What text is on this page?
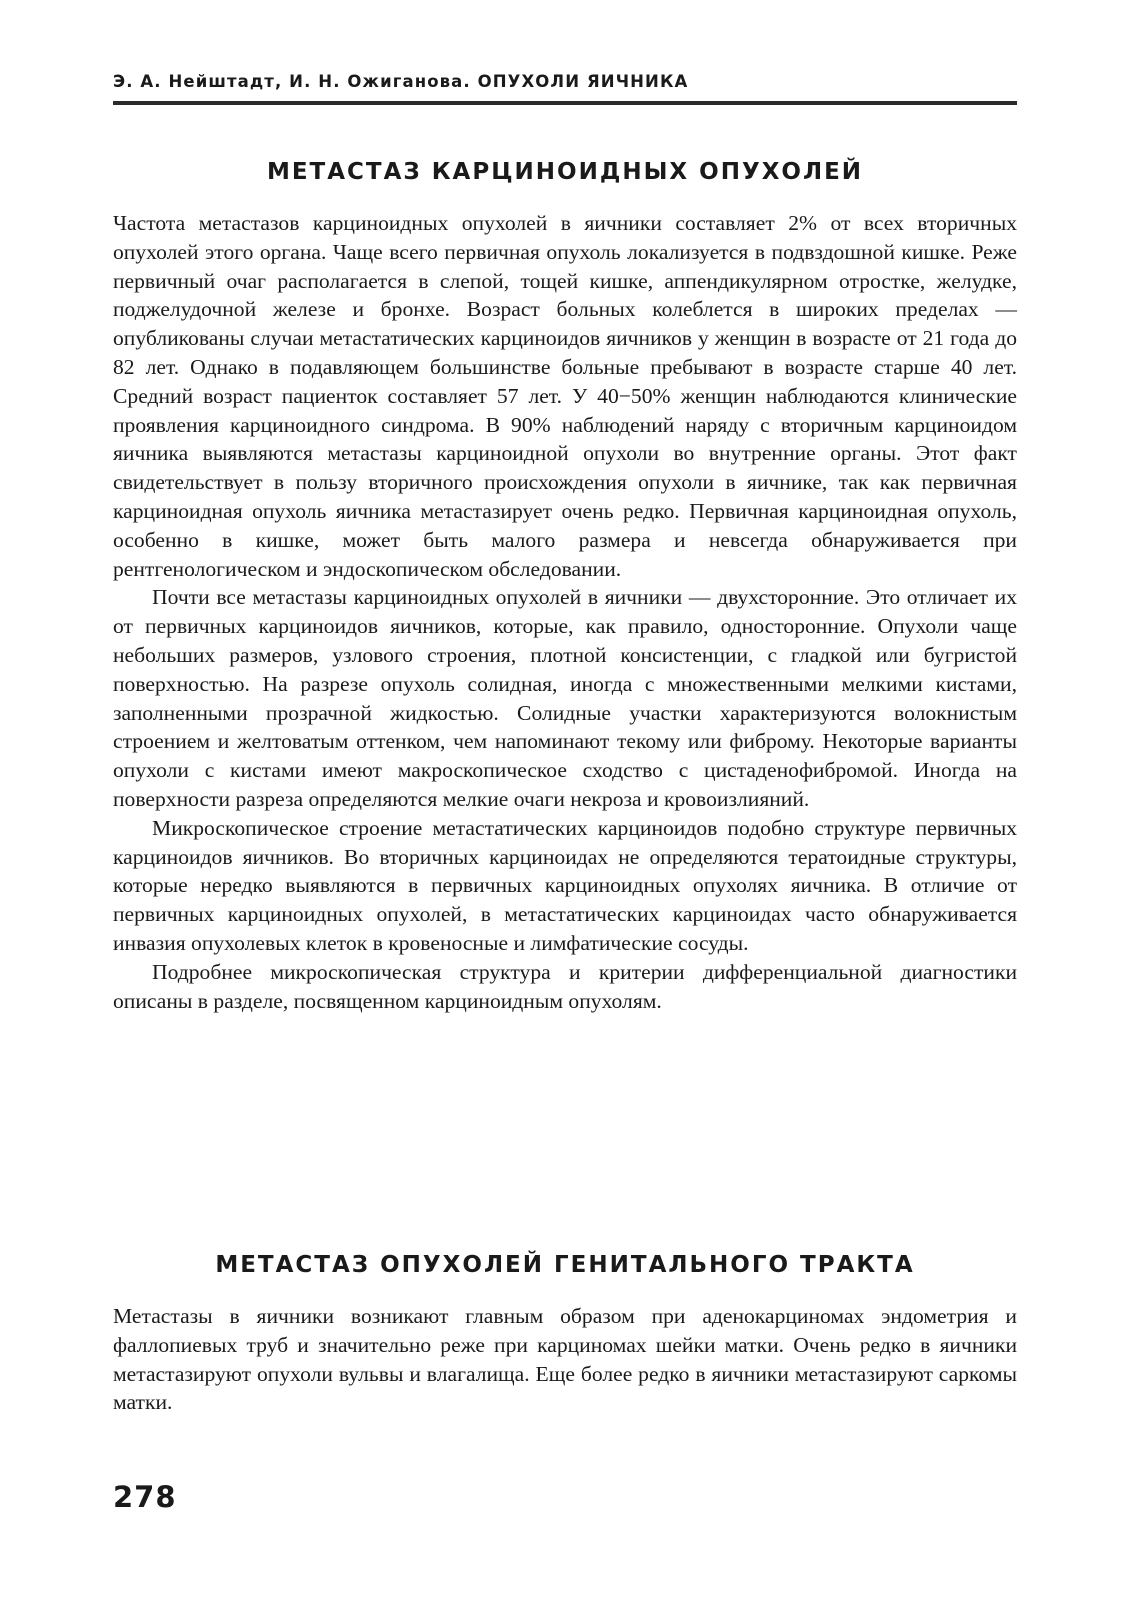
Э. А. Нейштадт, И. Н. Ожиганова. ОПУХОЛИ ЯИЧНИКА
МЕТАСТАЗ КАРЦИНОИДНЫХ ОПУХОЛЕЙ

Частота метастазов карциноидных опухолей в яичники составляет 2% от всех вторичных опухолей этого органа. Чаще всего первичная опухоль локализуется в подвздошной кишке. Реже первичный очаг располагается в слепой, тощей кишке, аппендикулярном отростке, желудке, поджелудочной железе и бронхе. Возраст больных колеблется в широких пределах — опубликованы случаи метастатических карциноидов яичников у женщин в возрасте от 21 года до 82 лет. Однако в подавляющем большинстве больные пребывают в возрасте старше 40 лет. Средний возраст пациенток составляет 57 лет. У 40−50% женщин наблюдаются клинические проявления карциноидного синдрома. В 90% наблюдений наряду с вторичным карциноидом яичника выявляются метастазы карциноидной опухоли во внутренние органы. Этот факт свидетельствует в пользу вторичного происхождения опухоли в яичнике, так как первичная карциноидная опухоль яичника метастазирует очень редко. Первичная карциноидная опухоль, особенно в кишке, может быть малого размера и невсегда обнаруживается при рентгенологическом и эндоскопическом обследовании.

Почти все метастазы карциноидных опухолей в яичники — двухсторонние. Это отличает их от первичных карциноидов яичников, которые, как правило, односторонние. Опухоли чаще небольших размеров, узлового строения, плотной консистенции, с гладкой или бугристой поверхностью. На разрезе опухоль солидная, иногда с множественными мелкими кистами, заполненными прозрачной жидкостью. Солидные участки характеризуются волокнистым строением и желтоватым оттенком, чем напоминают текому или фиброму. Некоторые варианты опухоли с кистами имеют макроскопическое сходство с цистаденофибромой. Иногда на поверхности разреза определяются мелкие очаги некроза и кровоизлияний.

Микроскопическое строение метастатических карциноидов подобно структуре первичных карциноидов яичников. Во вторичных карциноидах не определяются тератоидные структуры, которые нередко выявляются в первичных карциноидных опухолях яичника. В отличие от первичных карциноидных опухолей, в метастатических карциноидах часто обнаруживается инвазия опухолевых клеток в кровеносные и лимфатические сосуды.

Подробнее микроскопическая структура и критерии дифференциальной диагностики описаны в разделе, посвященном карциноидным опухолям.

МЕТАСТАЗ ОПУХОЛЕЙ ГЕНИТАЛЬНОГО ТРАКТА

Метастазы в яичники возникают главным образом при аденокарциномах эндометрия и фаллопиевых труб и значительно реже при карциномах шейки матки. Очень редко в яичники метастазируют опухоли вульвы и влагалища. Еще более редко в яичники метастазируют саркомы матки.

278
